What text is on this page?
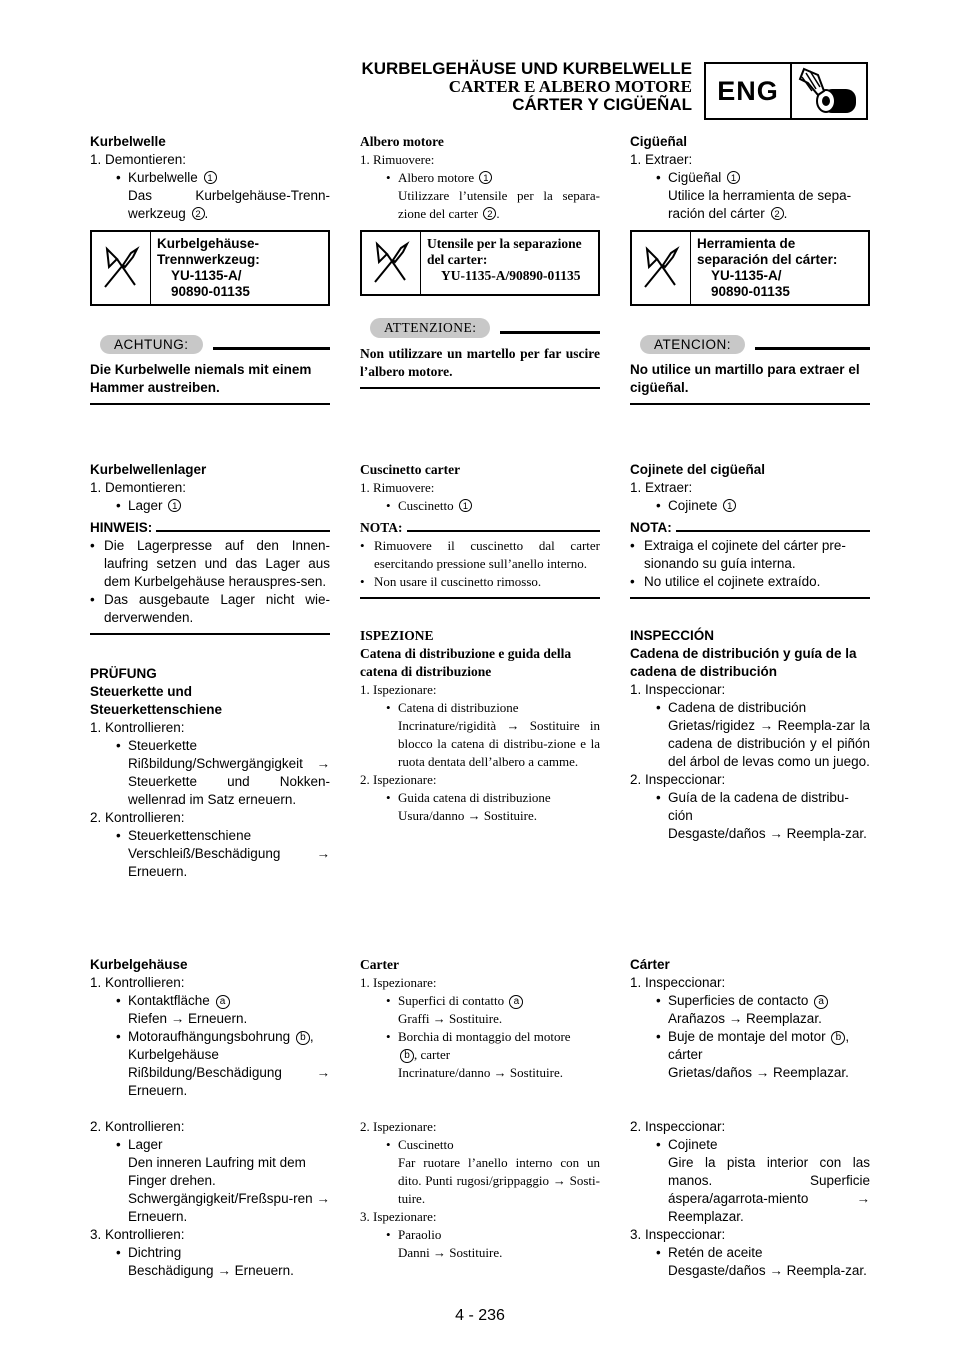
KURBELGEHÄUSE UND KURBELWELLE
CARTER E ALBERO MOTORE
CÁRTER Y CIGÜEÑAL ENG
Kurbelwelle
1. Demontieren:
• Kurbelwelle 1
Das Kurbelgehäuse-Trenn-werkzeug 2 .
Kurbelgehäuse-
Trennwerkzeug:
YU-1135-A/
90890-01135
ACHTUNG:
Die Kurbelwelle niemals mit einem Hammer austreiben.
Kurbelwellenlager
1. Demontieren:
• Lager 1
HINWEIS:
• Die Lagerpresse auf den Innen-laufring setzen und das Lager aus dem Kurbelgehäuse herauspres-sen.
• Das ausgebaute Lager nicht wie-derverwenden.
PRÜFUNG
Steuerkette und Steuerkettenschiene
1. Kontrollieren:
• Steuerkette
Rißbildung/Schwergängigkeit → Steuerkette und Nokken-wellenrad im Satz erneuern.
2. Kontrollieren:
• Steuerkettenschiene
Verschleiß/Beschädigung → Erneuern.
Kurbelgehäuse
1. Kontrollieren:
• Kontaktfläche a
Riefen → Erneuern.
• Motoraufhängungsbohrung b ,
Kurbelgehäuse
Rißbildung/Beschädigung → Erneuern.
2. Kontrollieren:
• Lager
Den inneren Laufring mit dem Finger drehen. Schwergängigkeit/Freßspu-ren → Erneuern.
3. Kontrollieren:
• Dichtring
Beschädigung → Erneuern.
Albero motore
1. Rimuovere:
• Albero motore 1
Utilizzare l’utensile per la separa-zione del carter 2 .
Utensile per la separazione
del carter:
YU-1135-A/90890-01135
ATTENZIONE:
Non utilizzare un martello per far uscire l’albero motore.
Cuscinetto carter
1. Rimuovere:
• Cuscinetto 1
NOTA:
• Rimuovere il cuscinetto dal carter esercitando pressione sull’anello interno.
• Non usare il cuscinetto rimosso.
ISPEZIONE
Catena di distribuzione e guida della catena di distribuzione
1. Ispezionare:
• Catena di distribuzione
Incrinature/rigidità → Sostituire in blocco la catena di distribu-zione e la ruota dentata dell’albero a camme.
2. Ispezionare:
• Guida catena di distribuzione
Usura/danno → Sostituire.
Carter
1. Ispezionare:
• Superfici di contatto a
Graffi → Sostituire.
• Borchia di montaggio del motore
b , carter
Incrinature/danno → Sostituire.
2. Ispezionare:
• Cuscinetto
Far ruotare l’anello interno con un dito. Punti rugosi/grippaggio → Sosti-tuire.
3. Ispezionare:
• Paraolio
Danni → Sostituire.
Cigüeñal
1. Extraer:
• Cigüeñal 1
Utilice la herramienta de sepa-ración del cárter 2 .
Herramienta de
separación del cárter:
YU-1135-A/
90890-01135
ATENCION:
No utilice un martillo para extraer el cigüeñal.
Cojinete del cigüeñal
1. Extraer:
• Cojinete 1
NOTA:
• Extraiga el cojinete del cárter pre-sionando su guía interna.
• No utilice el cojinete extraído.
INSPECCIÓN
Cadena de distribución y guía de la cadena de distribución
1. Inspeccionar:
• Cadena de distribución
Grietas/rigidez → Reempla-zar la cadena de distribución y el piñón del árbol de levas como un juego.
2. Inspeccionar:
• Guía de la cadena de distribu-ción
Desgaste/daños → Reempla-zar.
Cárter
1. Inspeccionar:
• Superficies de contacto a
Arañazos → Reemplazar.
• Buje de montaje del motor b ,
cárter
Grietas/daños → Reemplazar.
2. Inspeccionar:
• Cojinete
Gire la pista interior con las manos. Superficie áspera/agarrota-miento → Reemplazar.
3. Inspeccionar:
• Retén de aceite
Desgaste/daños → Reempla-zar.
4 - 236
